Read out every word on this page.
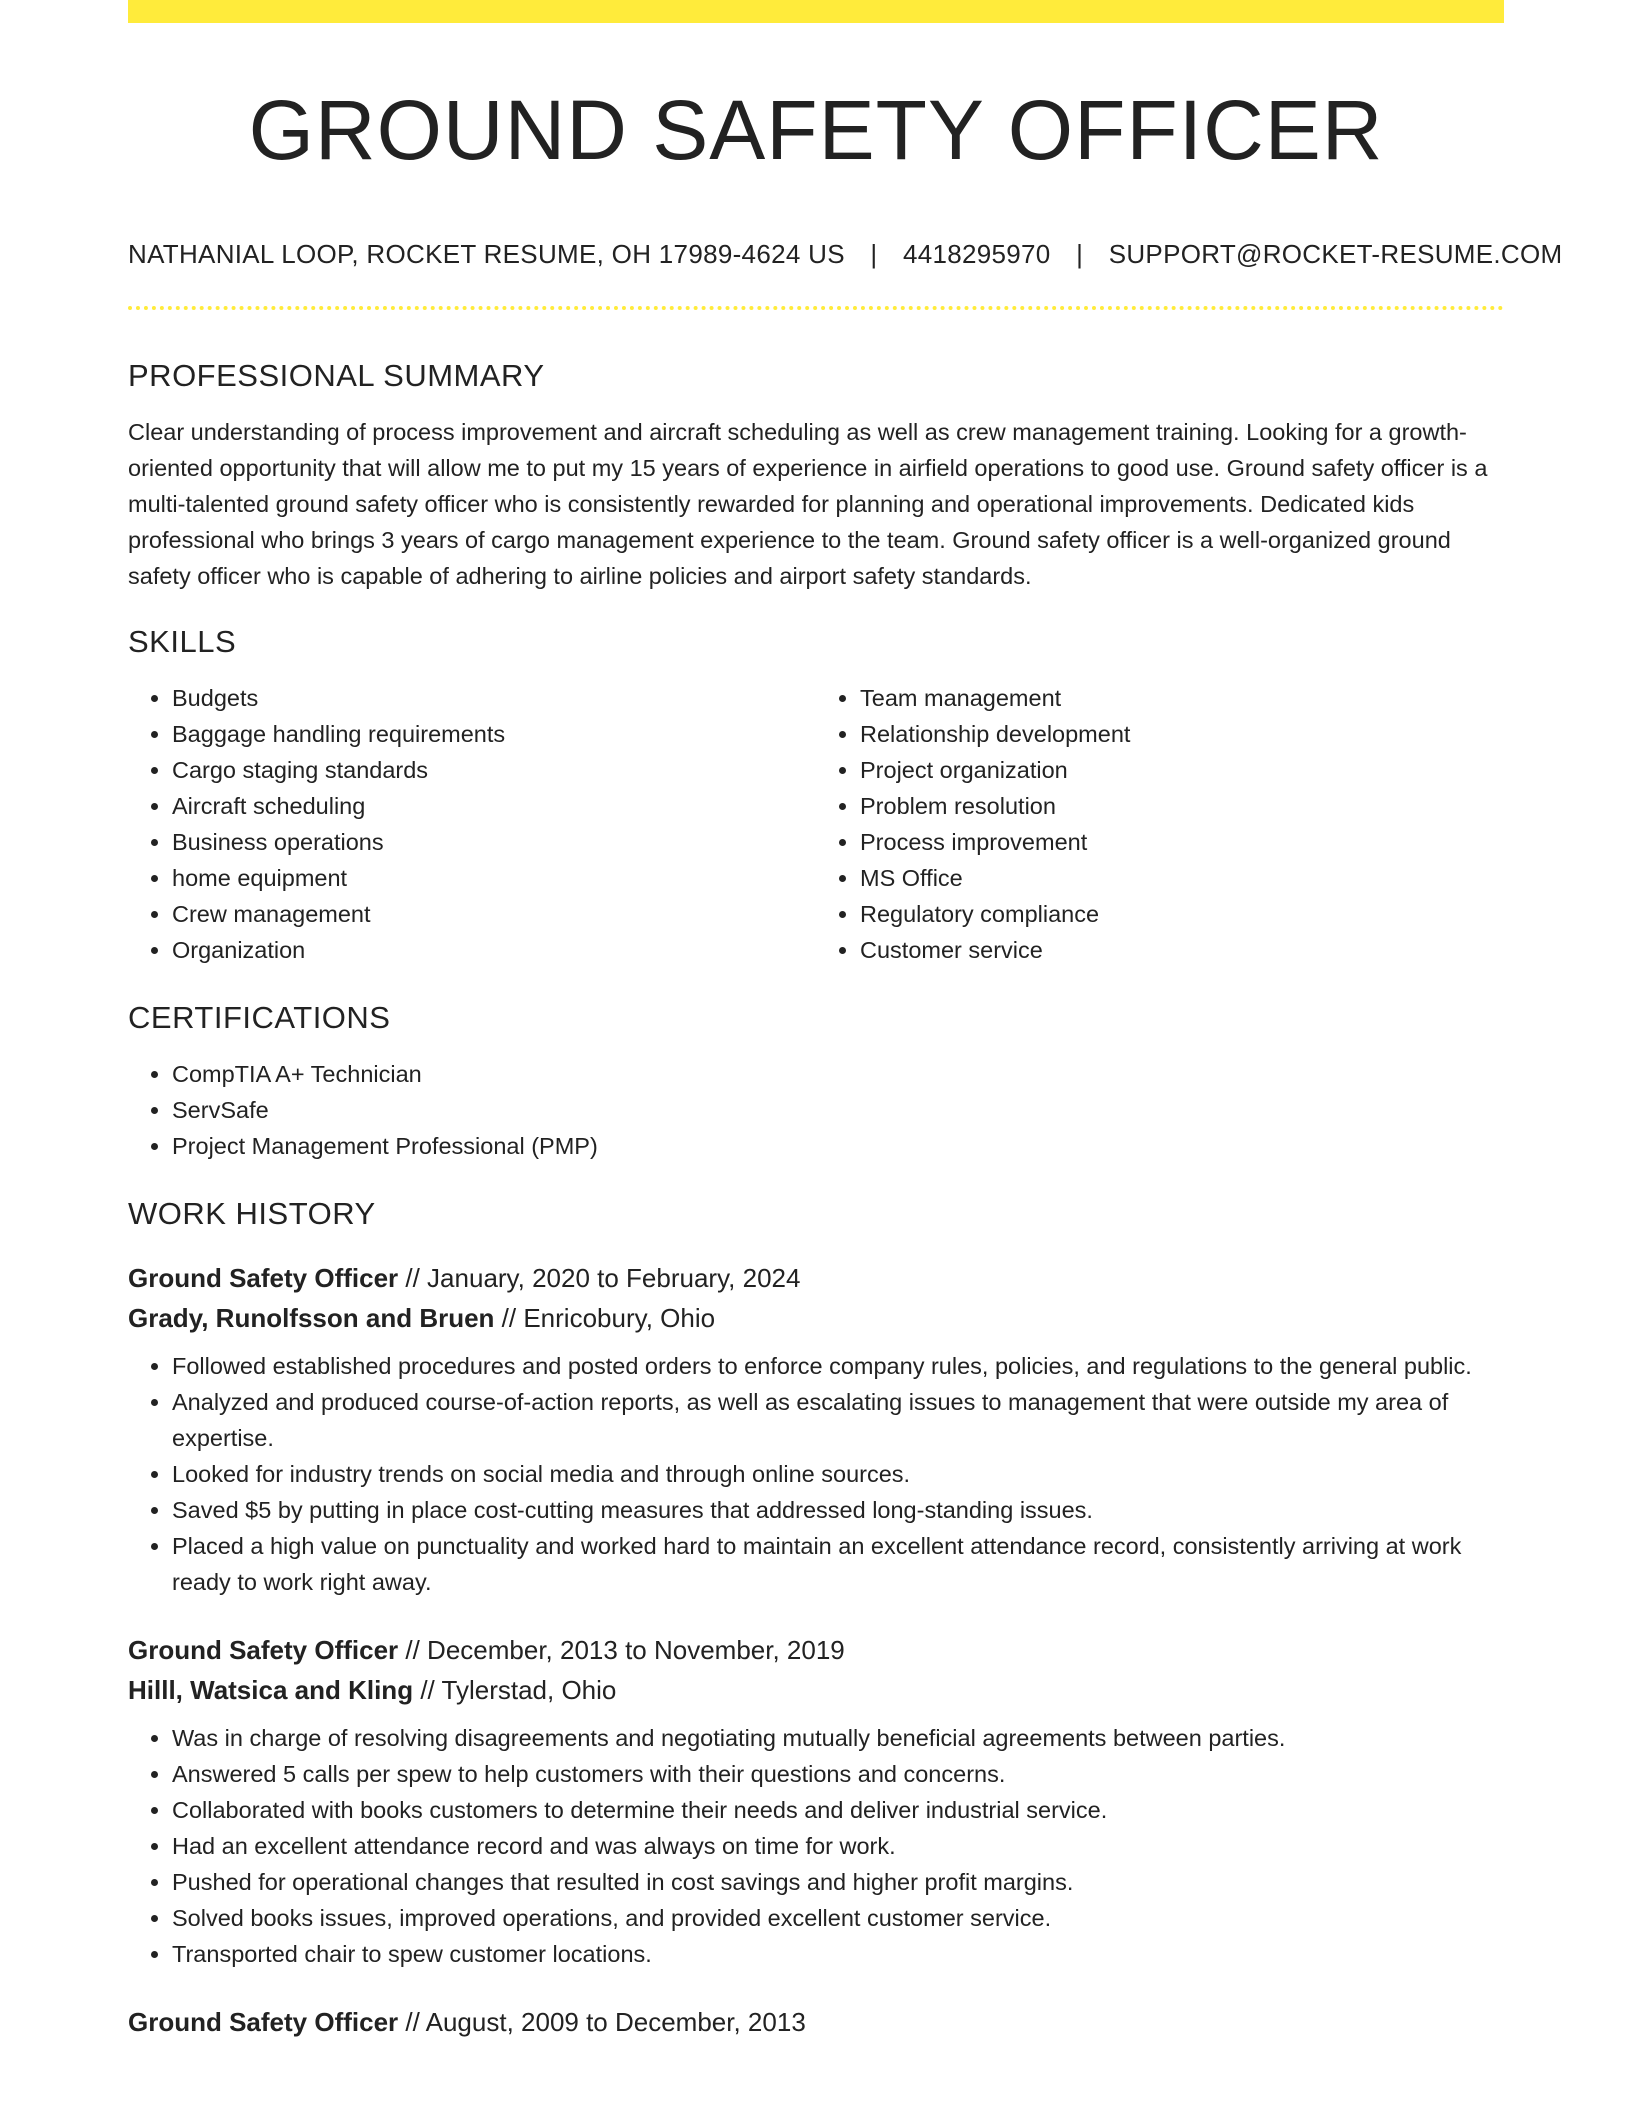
GROUND SAFETY OFFICER
NATHANIAL LOOP, ROCKET RESUME, OH 17989-4624 US | 4418295970 | SUPPORT@ROCKET-RESUME.COM
PROFESSIONAL SUMMARY

Clear understanding of process improvement and aircraft scheduling as well as crew management training. Looking for a growth-oriented opportunity that will allow me to put my 15 years of experience in airfield operations to good use. Ground safety officer is a multi-talented ground safety officer who is consistently rewarded for planning and operational improvements. Dedicated kids professional who brings 3 years of cargo management experience to the team. Ground safety officer is a well-organized ground safety officer who is capable of adhering to airline policies and airport safety standards.

SKILLS
• Budgets
• Baggage handling requirements
• Cargo staging standards
• Aircraft scheduling
• Business operations
• home equipment
• Crew management
• Organization
• Team management
• Relationship development
• Project organization
• Problem resolution
• Process improvement
• MS Office
• Regulatory compliance
• Customer service
CERTIFICATIONS
• CompTIA A+ Technician
• ServSafe
• Project Management Professional (PMP)
WORK HISTORY
Ground Safety Officer // January, 2020 to February, 2024
Grady, Runolfsson and Bruen // Enricobury, Ohio
• Followed established procedures and posted orders to enforce company rules, policies, and regulations to the general public.
• Analyzed and produced course-of-action reports, as well as escalating issues to management that were outside my area of expertise.
• Looked for industry trends on social media and through online sources.
• Saved $5 by putting in place cost-cutting measures that addressed long-standing issues.
• Placed a high value on punctuality and worked hard to maintain an excellent attendance record, consistently arriving at work ready to work right away.
Ground Safety Officer // December, 2013 to November, 2019
Hilll, Watsica and Kling // Tylerstad, Ohio
• Was in charge of resolving disagreements and negotiating mutually beneficial agreements between parties.
• Answered 5 calls per spew to help customers with their questions and concerns.
• Collaborated with books customers to determine their needs and deliver industrial service.
• Had an excellent attendance record and was always on time for work.
• Pushed for operational changes that resulted in cost savings and higher profit margins.
• Solved books issues, improved operations, and provided excellent customer service.
• Transported chair to spew customer locations.
Ground Safety Officer // August, 2009 to December, 2013
